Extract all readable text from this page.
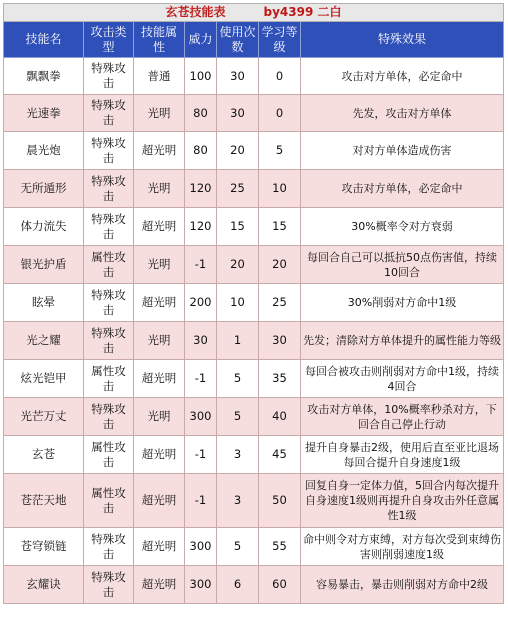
玄苍技能表 by4399 二白						
技能名	攻击类型	技能属性	威力	使用次数	学习等级	特殊效果
飘飘拳	特殊攻击	普通	100	30	0	攻击对方单体，必定命中
光速拳	特殊攻击	光明	80	30	0	先发，攻击对方单体
晨光炮	特殊攻击	超光明	80	20	5	对对方单体造成伤害
无所遁形	特殊攻击	光明	120	25	10	攻击对方单体，必定命中
体力流失	特殊攻击	超光明	120	15	15	30%概率令对方衰弱
银光护盾	属性攻击	光明	-1	20	20	每回合自己可以抵抗50点伤害值，持续10回合
眩晕	特殊攻击	超光明	200	10	25	30%削弱对方命中1级
光之耀	特殊攻击	光明	30	1	30	先发；清除对方单体提升的属性能力等级
炫光铠甲	属性攻击	超光明	-1	5	35	每回合被攻击则削弱对方命中1级，持续4回合
光芒万丈	特殊攻击	光明	300	5	40	攻击对方单体，10%概率秒杀对方，下回合自己停止行动
玄苍	属性攻击	超光明	-1	3	45	提升自身暴击2级，使用后直至亚比退场每回合提升自身速度1级
苍茫天地	属性攻击	超光明	-1	3	50	回复自身一定体力值，5回合内每次提升自身速度1级则再提升自身攻击外任意属性1级
苍穹锁链	特殊攻击	超光明	300	5	55	命中则令对方束缚，对方每次受到束缚伤害则削弱速度1级
玄耀诀	特殊攻击	超光明	300	6	60	容易暴击，暴击则削弱对方命中2级
